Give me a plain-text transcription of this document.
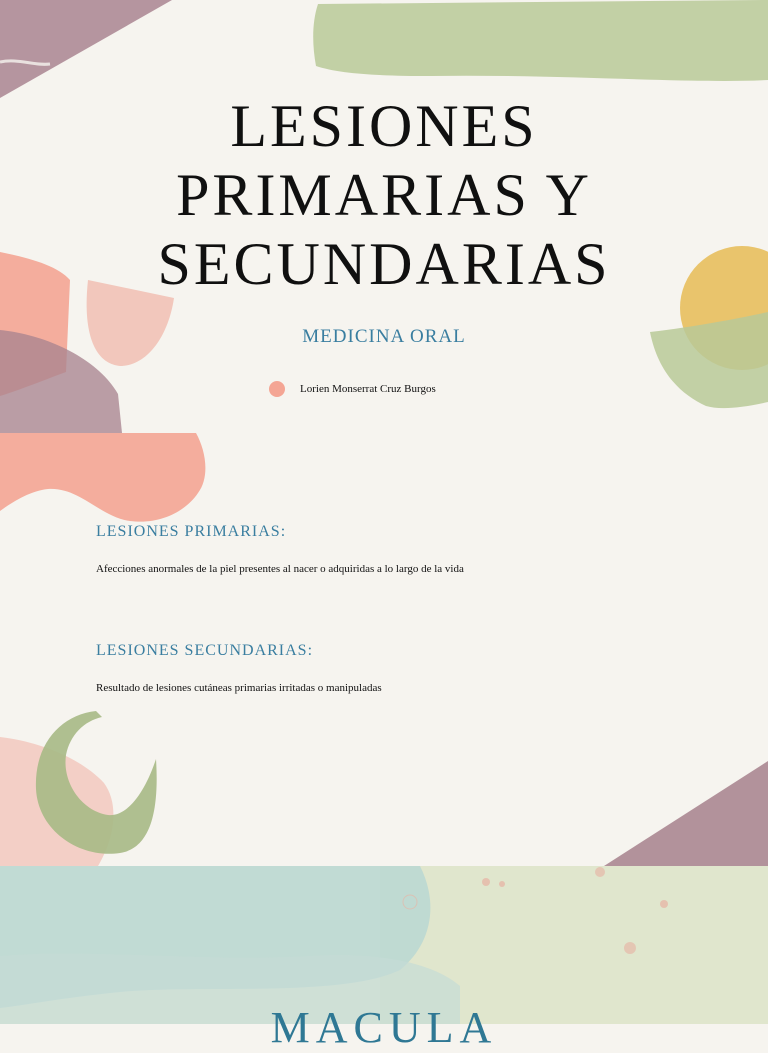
LESIONES
PRIMARIAS Y
SECUNDARIAS
MEDICINA ORAL
Lorien Monserrat Cruz Burgos
LESIONES PRIMARIAS:

Afecciones anormales de la piel presentes al nacer o adquiridas a lo largo de la vida

LESIONES SECUNDARIAS:

Resultado de lesiones cutáneas primarias irritadas o manipuladas

MACULA
